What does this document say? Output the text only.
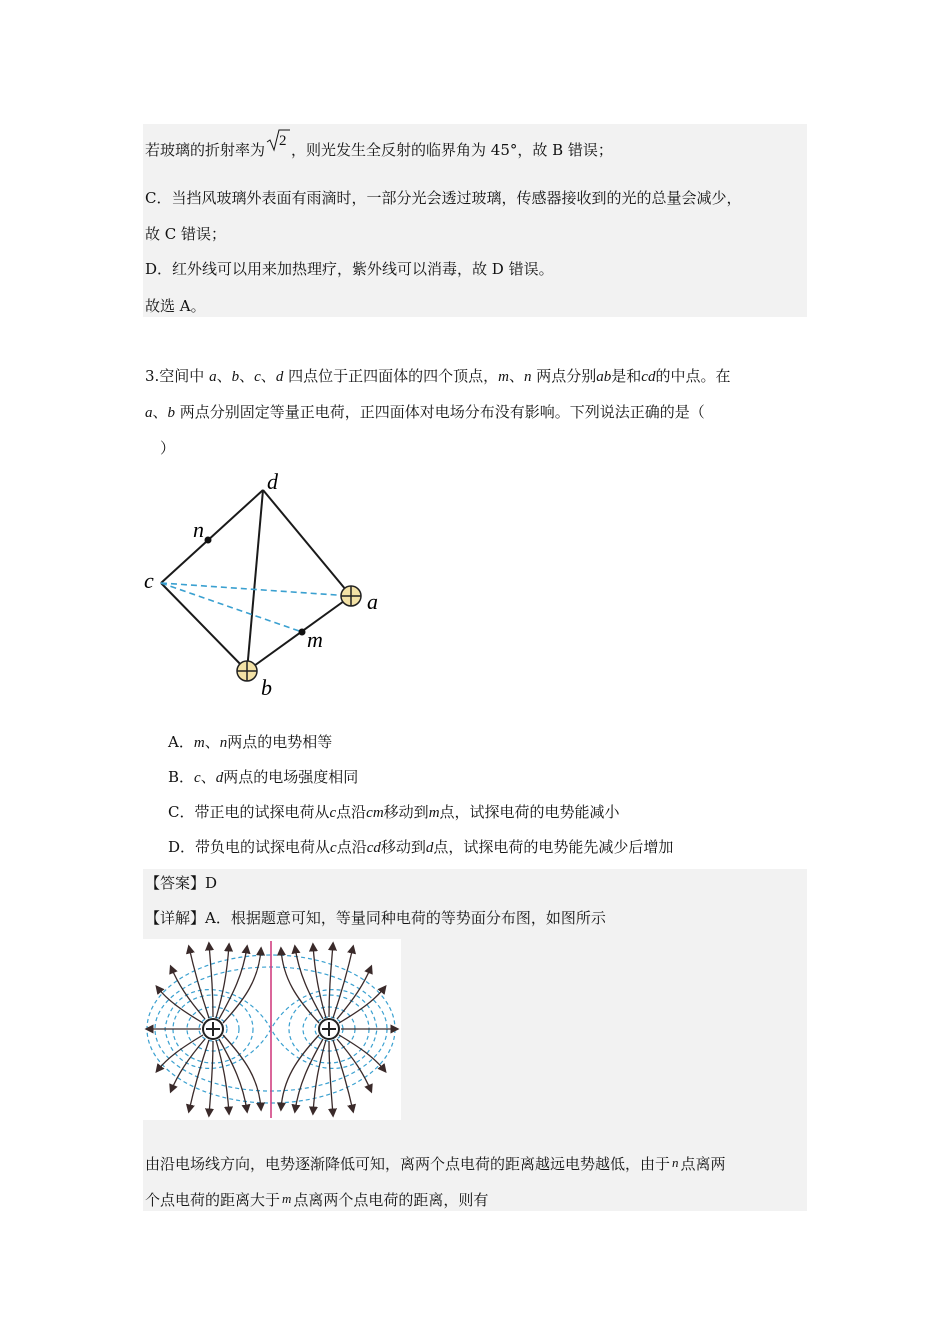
若玻璃的折射率为 2 ，则光发生全反射的临界角为 45°，故 B 错误；
C．当挡风玻璃外表面有雨滴时，一部分光会透过玻璃，传感器接收到的光的总量会减少，
故 C 错误；
D．红外线可以用来加热理疗，紫外线可以消毒，故 D 错误。
故选 A。
3.空间中 a、b、c、d 四点位于正四面体的四个顶点，m、n 两点分别ab是和cd的中点。在
a、b 两点分别固定等量正电荷，正四面体对电场分布没有影响。下列说法正确的是（
）
d
n
c
a
m
b
A．m、n两点的电势相等
B．c、d两点的电场强度相同
C．带正电的试探电荷从c点沿cm移动到m点，试探电荷的电势能减小
D．带负电的试探电荷从c点沿cd移动到d点，试探电荷的电势能先减少后增加
【答案】D
【详解】A．根据题意可知，等量同种电荷的等势面分布图，如图所示
由沿电场线方向，电势逐渐降低可知，离两个点电荷的距离越远电势越低，由于 n 点离两
个点电荷的距离大于 m 点离两个点电荷的距离，则有
